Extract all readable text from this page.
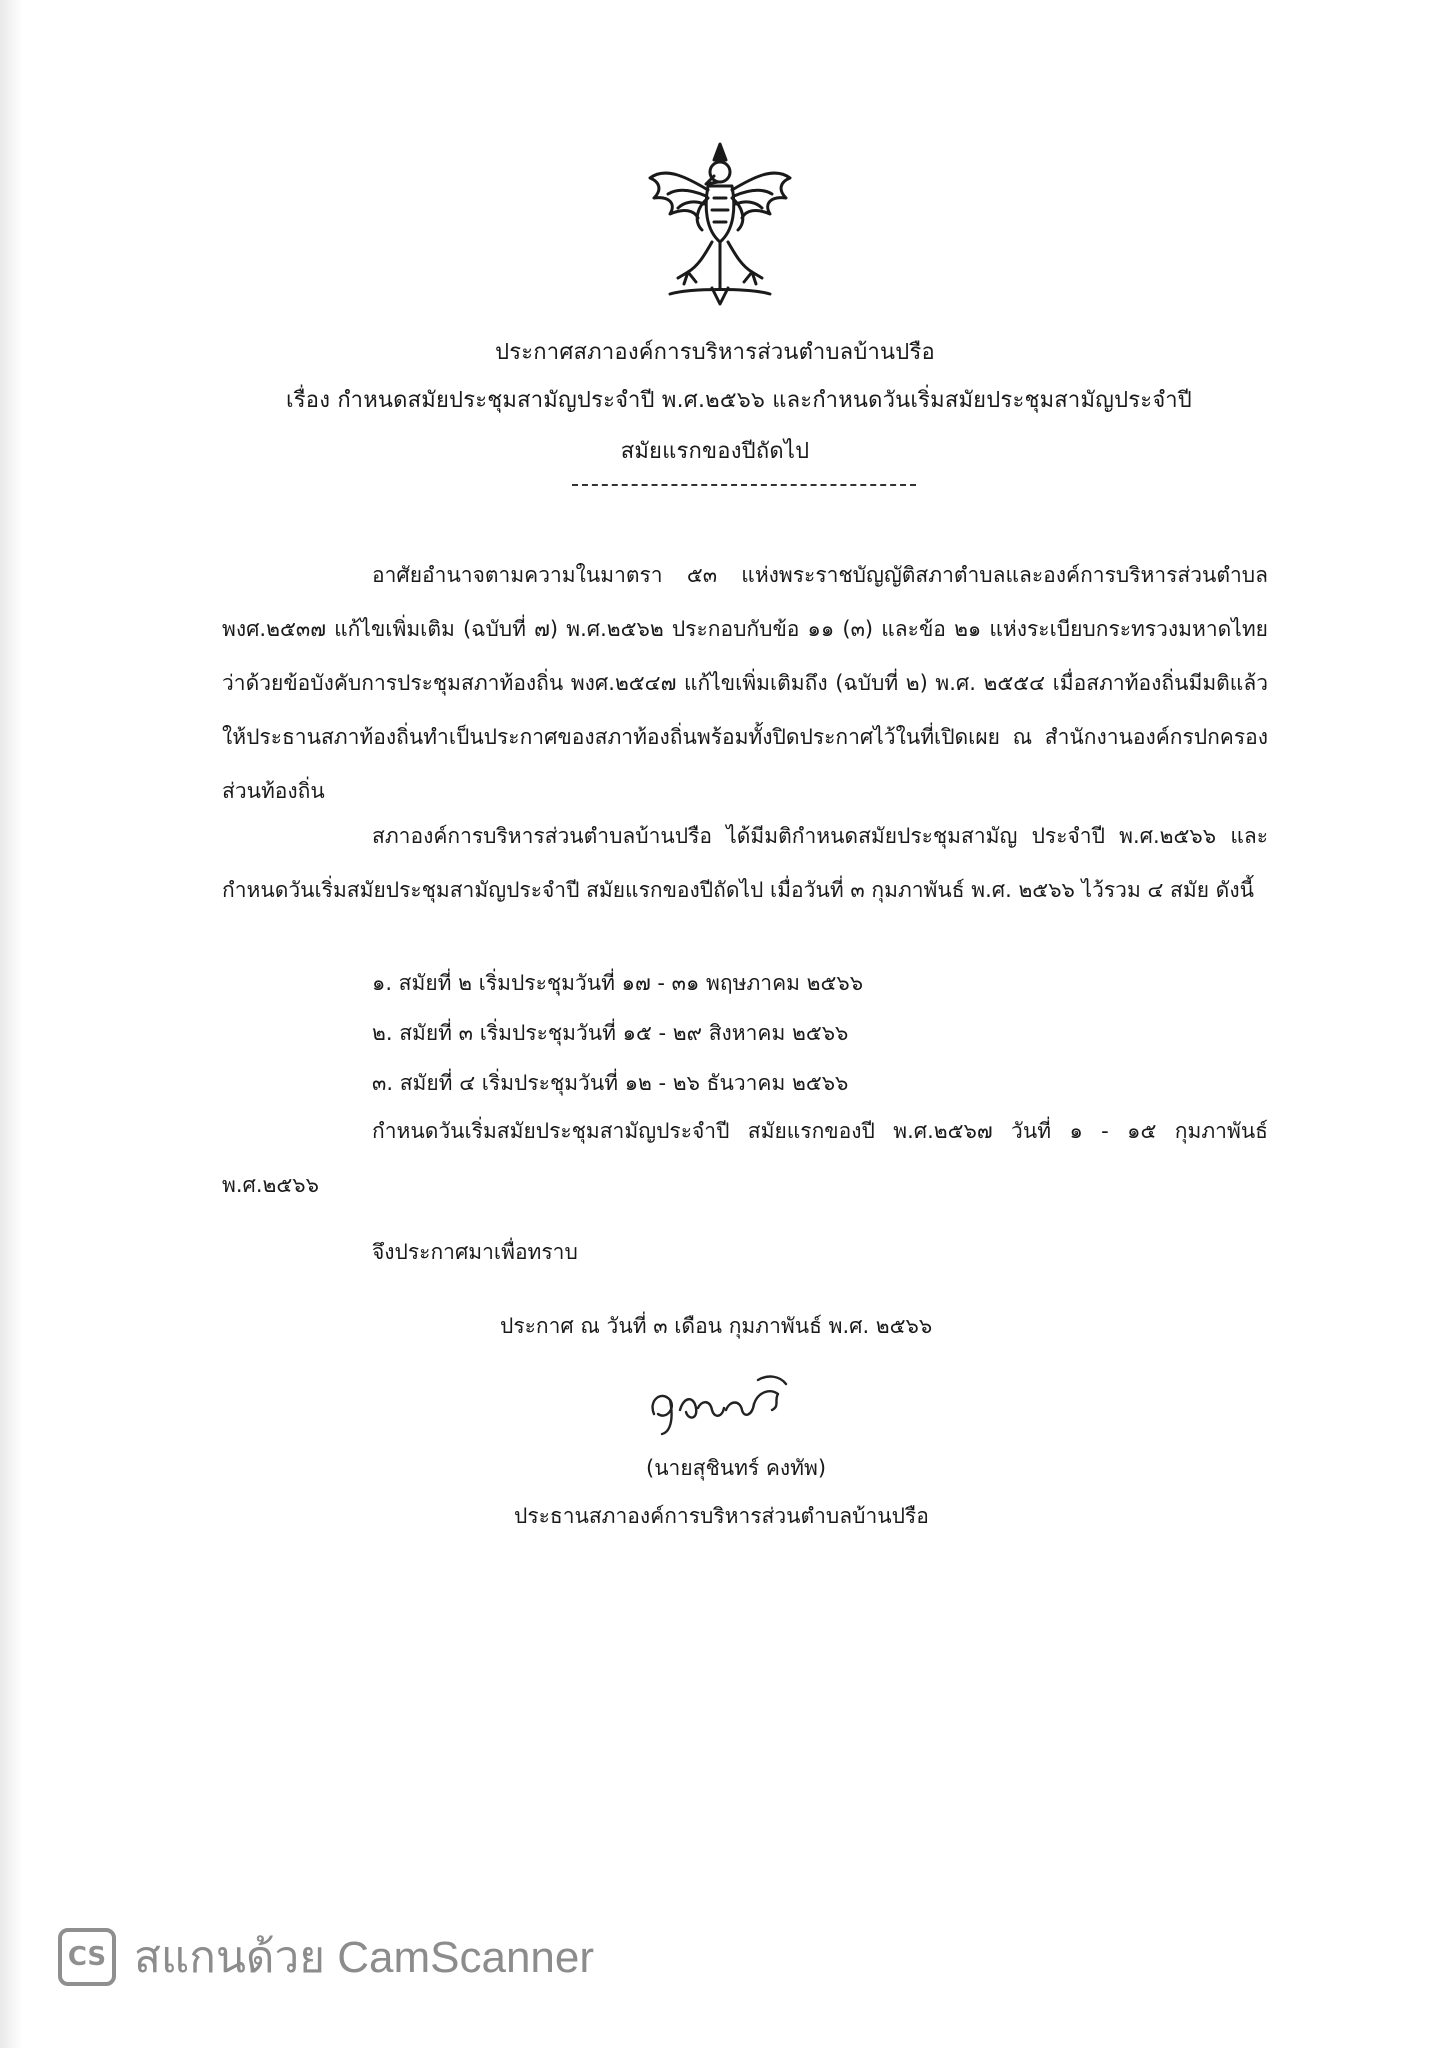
ประกาศสภาองค์การบริหารส่วนตำบลบ้านปรือ
เรื่อง กำหนดสมัยประชุมสามัญประจำปี พ.ศ.๒๕๖๖ และกำหนดวันเริ่มสมัยประชุมสามัญประจำปี
สมัยแรกของปีถัดไป
อาศัยอำนาจตามความในมาตรา ๕๓ แห่งพระราชบัญญัติสภาตำบลและองค์การบริหารส่วนตำบล พงศ.๒๕๓๗ แก้ไขเพิ่มเติม (ฉบับที่ ๗) พ.ศ.๒๕๖๒ ประกอบกับข้อ ๑๑ (๓) และข้อ ๒๑ แห่งระเบียบกระทรวงมหาดไทย ว่าด้วยข้อบังคับการประชุมสภาท้องถิ่น พงศ.๒๕๔๗ แก้ไขเพิ่มเติมถึง (ฉบับที่ ๒) พ.ศ. ๒๕๕๔ เมื่อสภาท้องถิ่นมีมติแล้วให้ประธานสภาท้องถิ่นทำเป็นประกาศของสภาท้องถิ่นพร้อมทั้งปิดประกาศไว้ในที่เปิดเผย ณ สำนักงานองค์กรปกครองส่วนท้องถิ่น
สภาองค์การบริหารส่วนตำบลบ้านปรือ ได้มีมติกำหนดสมัยประชุมสามัญ ประจำปี พ.ศ.๒๕๖๖ และกำหนดวันเริ่มสมัยประชุมสามัญประจำปี สมัยแรกของปีถัดไป เมื่อวันที่ ๓ กุมภาพันธ์ พ.ศ. ๒๕๖๖ ไว้รวม ๔ สมัย ดังนี้
๑. สมัยที่ ๒ เริ่มประชุมวันที่ ๑๗ - ๓๑ พฤษภาคม ๒๕๖๖
๒. สมัยที่ ๓ เริ่มประชุมวันที่ ๑๕ - ๒๙ สิงหาคม ๒๕๖๖
๓. สมัยที่ ๔ เริ่มประชุมวันที่ ๑๒ - ๒๖ ธันวาคม ๒๕๖๖
กำหนดวันเริ่มสมัยประชุมสามัญประจำปี สมัยแรกของปี พ.ศ.๒๕๖๗ วันที่ ๑ - ๑๕ กุมภาพันธ์ พ.ศ.๒๕๖๖
จึงประกาศมาเพื่อทราบ
ประกาศ ณ วันที่ ๓ เดือน กุมภาพันธ์ พ.ศ. ๒๕๖๖
(นายสุชินทร์ คงทัพ)
ประธานสภาองค์การบริหารส่วนตำบลบ้านปรือ
CS สแกนด้วย CamScanner
